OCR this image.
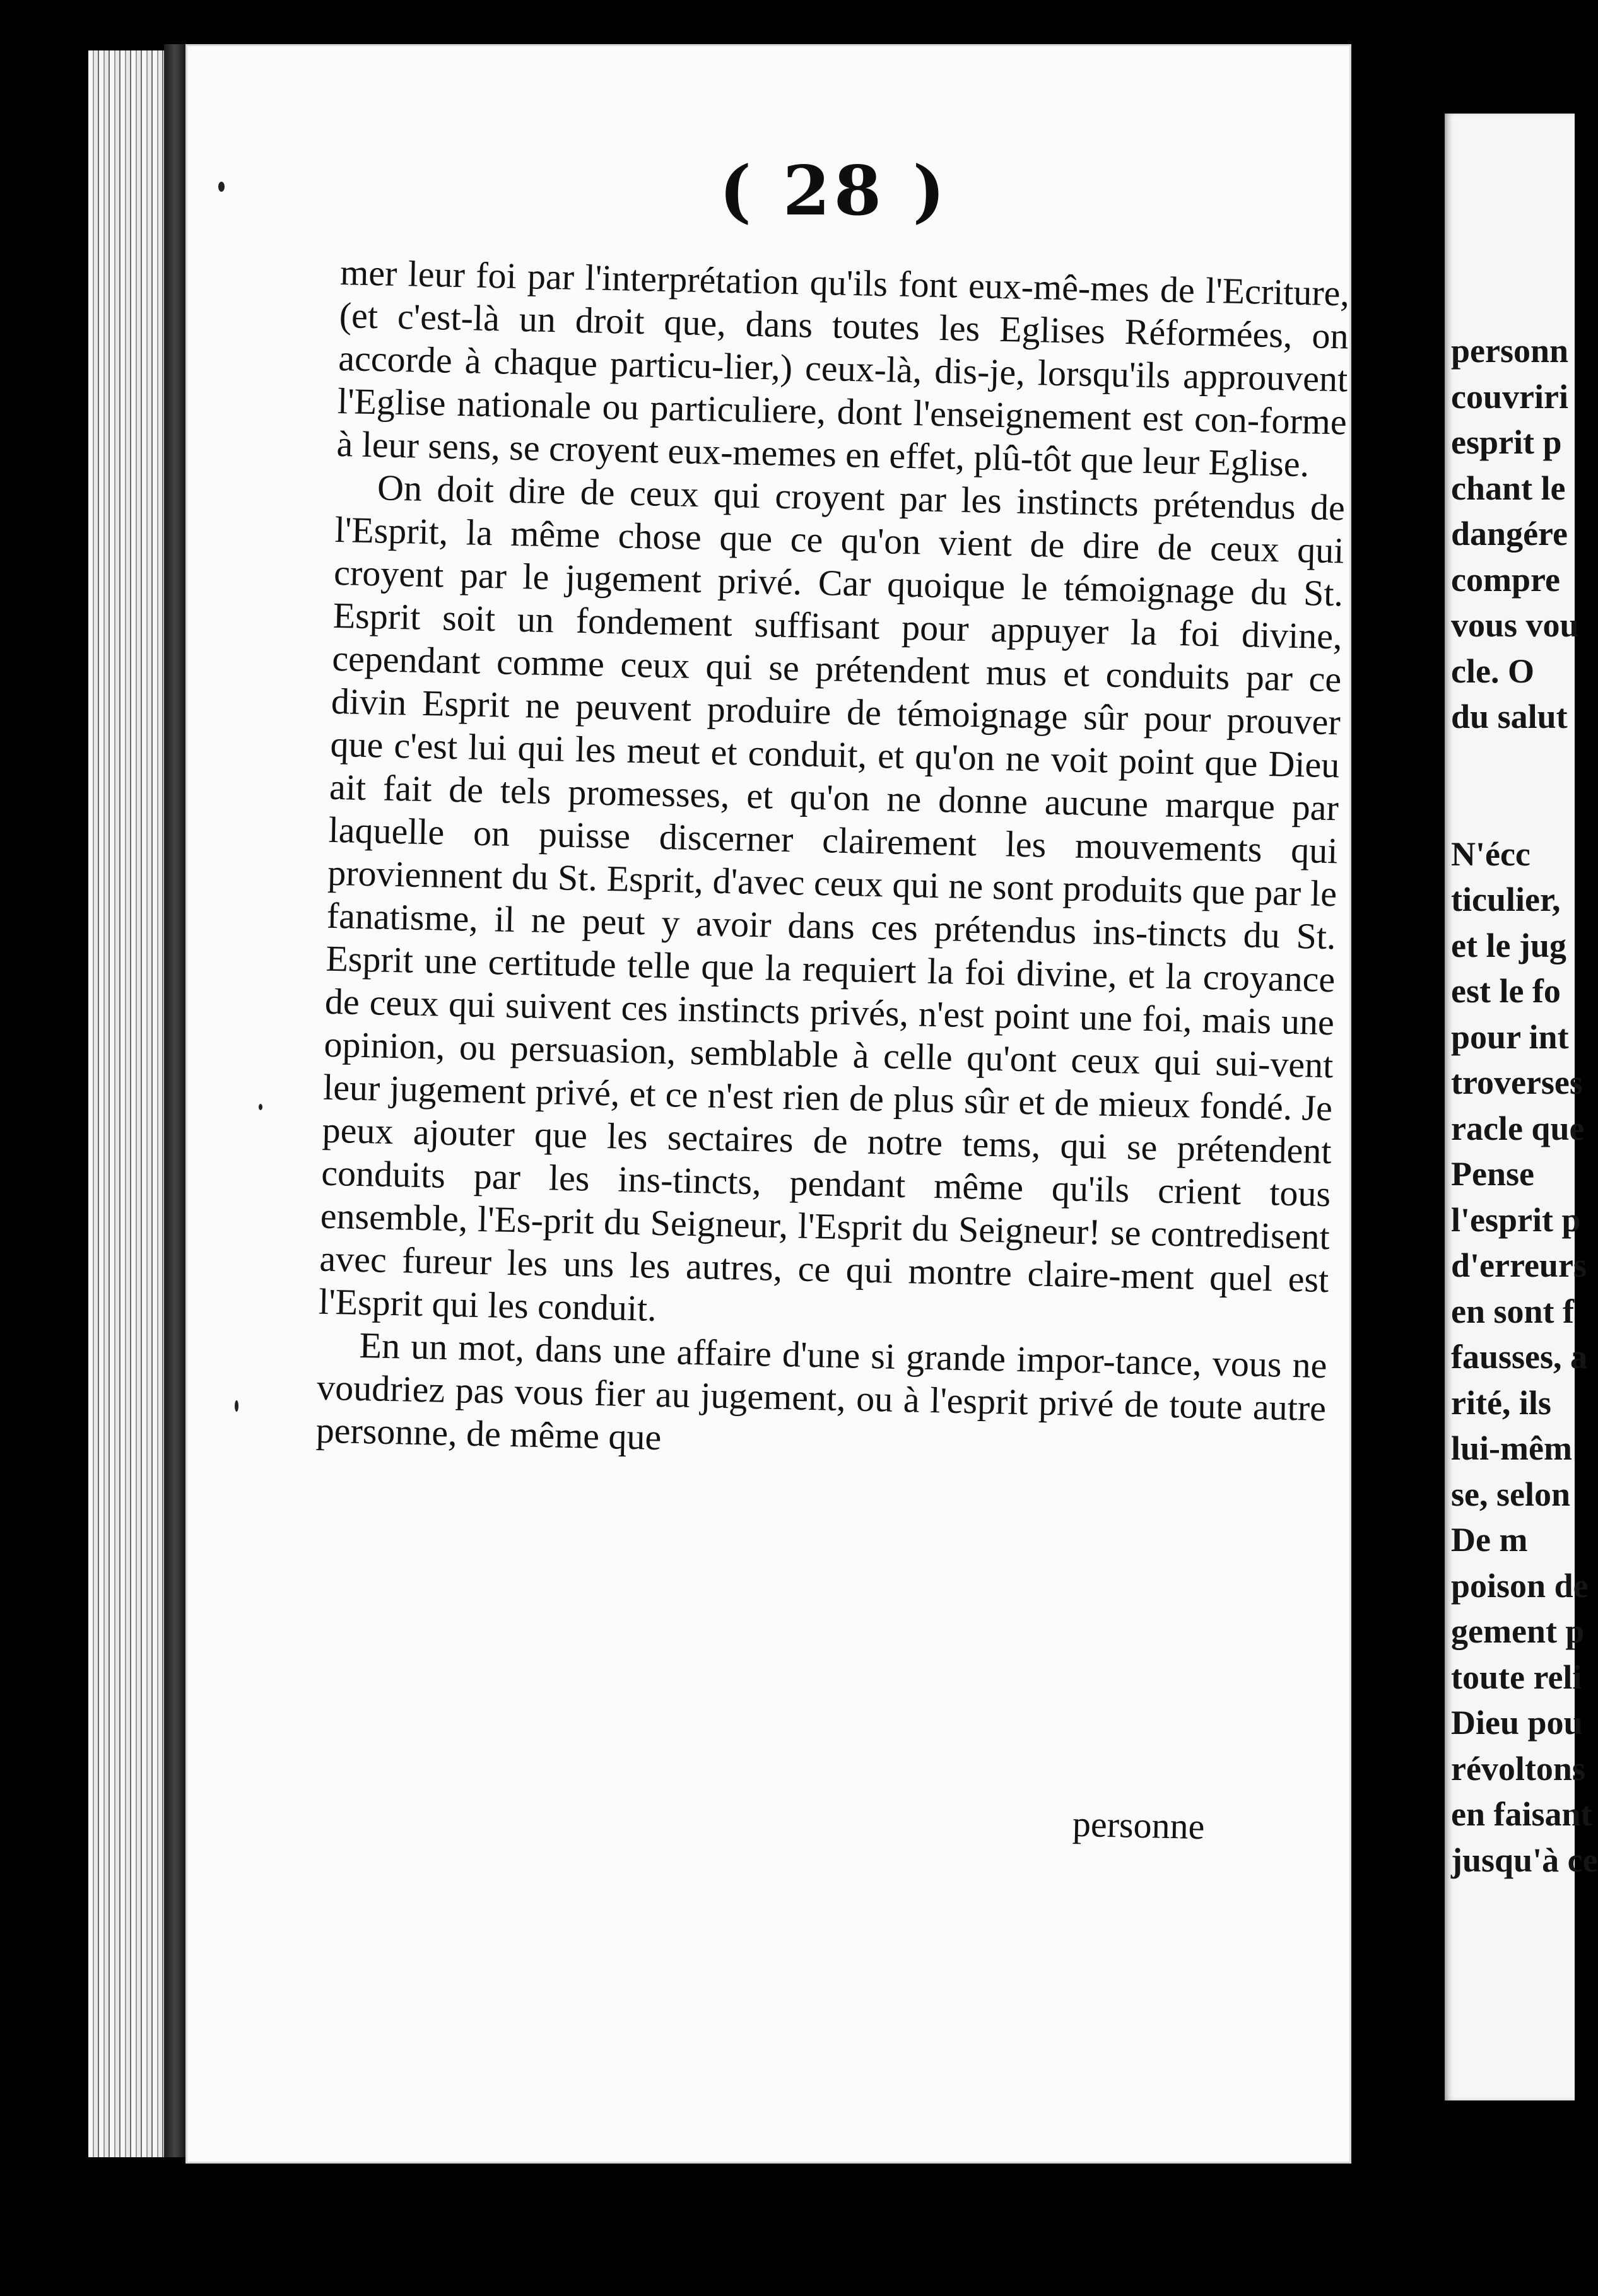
( 28 )

mer leur foi par l'interprétation qu'ils font eux-mê-mes de l'Ecriture, (et c'est-là un droit que, dans toutes les Eglises Réformées, on accorde à chaque particu-lier,) ceux-là, dis-je, lorsqu'ils approuvent l'Eglise nationale ou particuliere, dont l'enseignement est con-forme à leur sens, se croyent eux-memes en effet, plû-tôt que leur Eglise.

On doit dire de ceux qui croyent par les instincts prétendus de l'Esprit, la même chose que ce qu'on vient de dire de ceux qui croyent par le jugement privé. Car quoique le témoignage du St. Esprit soit un fondement suffisant pour appuyer la foi divine, cependant comme ceux qui se prétendent mus et conduits par ce divin Esprit ne peuvent produire de témoignage sûr pour prouver que c'est lui qui les meut et conduit, et qu'on ne voit point que Dieu ait fait de tels promesses, et qu'on ne donne aucune marque par laquelle on puisse discerner clairement les mouvements qui proviennent du St. Esprit, d'avec ceux qui ne sont produits que par le fanatisme, il ne peut y avoir dans ces prétendus ins-tincts du St. Esprit une certitude telle que la requiert la foi divine, et la croyance de ceux qui suivent ces instincts privés, n'est point une foi, mais une opinion, ou persuasion, semblable à celle qu'ont ceux qui sui-vent leur jugement privé, et ce n'est rien de plus sûr et de mieux fondé. Je peux ajouter que les sectaires de notre tems, qui se prétendent conduits par les ins-tincts, pendant même qu'ils crient tous ensemble, l'Es-prit du Seigneur, l'Esprit du Seigneur! se contredisent avec fureur les uns les autres, ce qui montre claire-ment quel est l'Esprit qui les conduit.

En un mot, dans une affaire d'une si grande impor-tance, vous ne voudriez pas vous fier au jugement, ou à l'esprit privé de toute autre personne, de même que

personne
personn
couvriri
esprit p
chant le
dangére
compre
vous vou
cle. O
du salut
N'écc
ticulier,
et le jug
est le fo
pour int
troverses
racle que
Pense
l'esprit p
d'erreurs
en sont f
fausses, a
rité, ils
lui-mêm
se, selon
De m
poison de
gement p
toute reli
Dieu pou
révoltons
en faisant
jusqu'à ce
